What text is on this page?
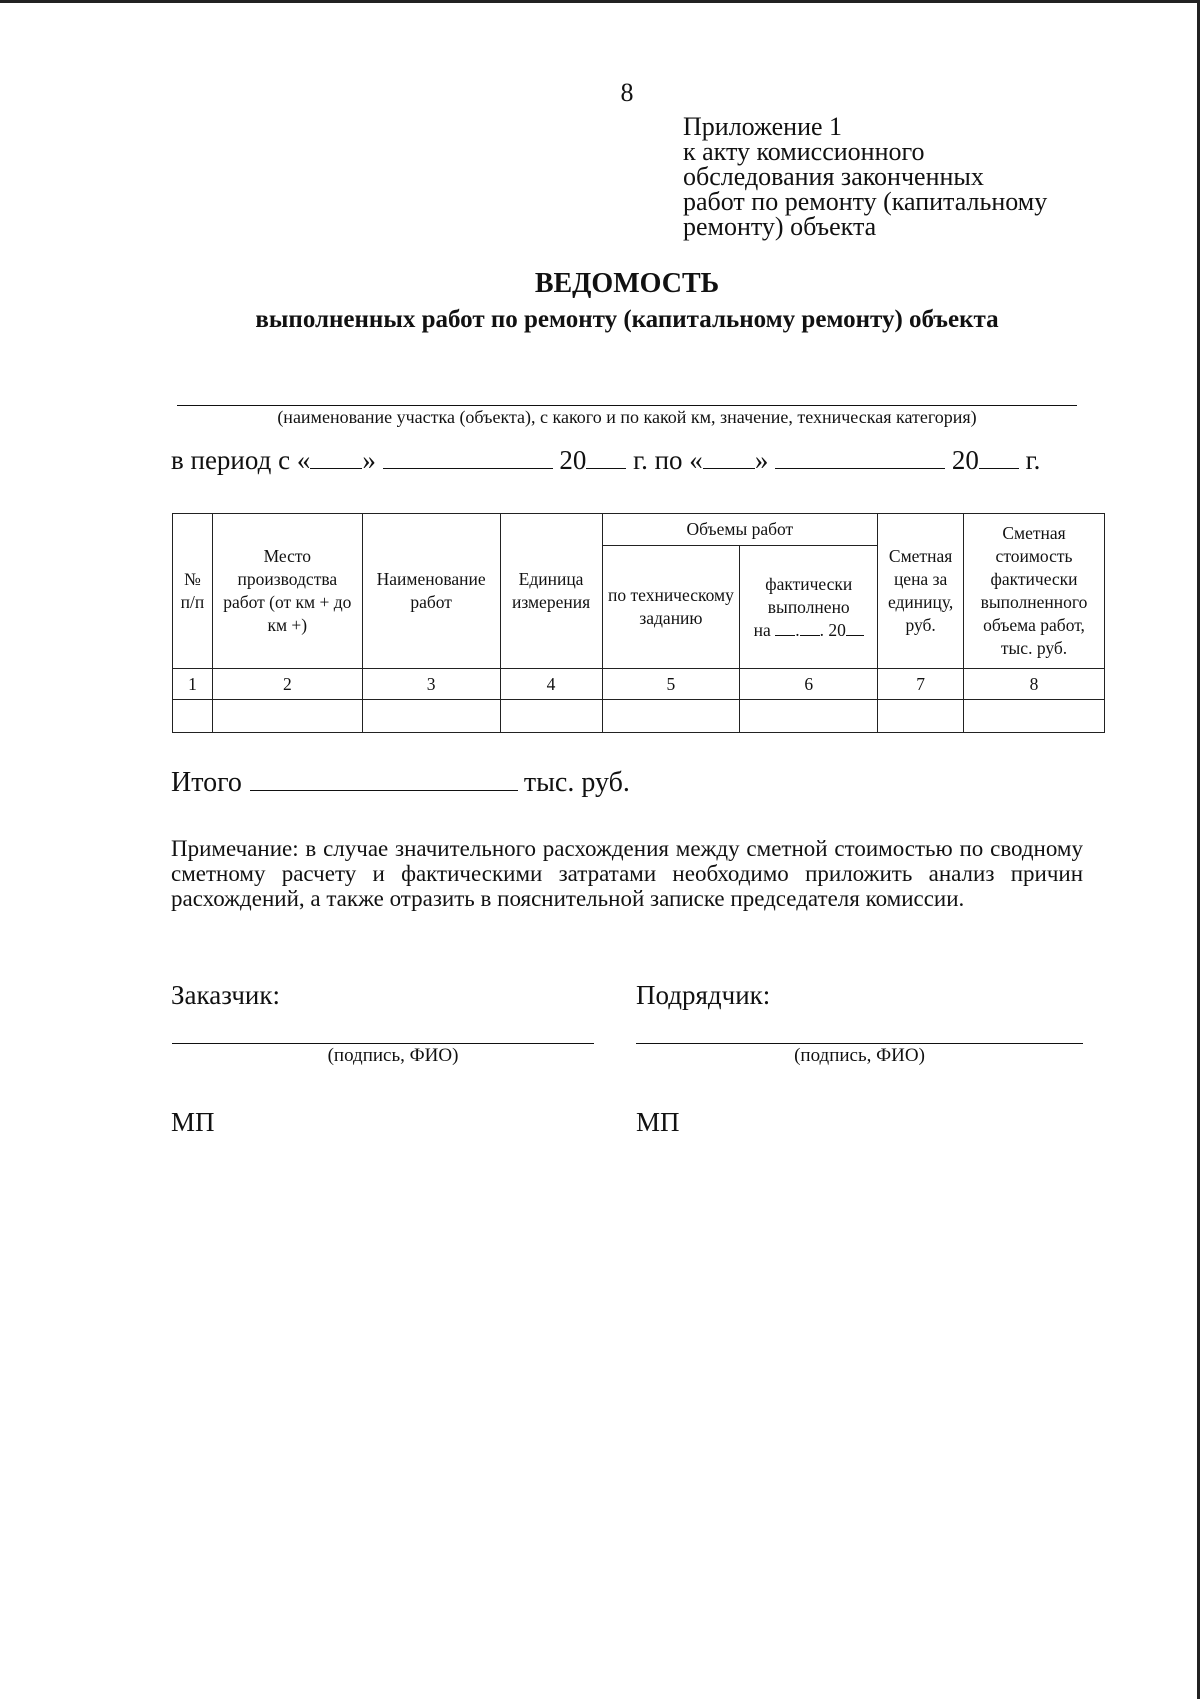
8
Приложение 1
к акту комиссионного
обследования законченных
работ по ремонту (капитальному
ремонту) объекта
ВЕДОМОСТЬ
выполненных работ по ремонту (капитальному ремонту) объекта
(наименование участка (объекта), с какого и по какой км, значение, техническая категория)
в период с « »	20 г. по « »	20 г.
№ п/п	Место производства работ (от км + до км +)	Наименование работ	Единица измерения	Объемы работ		Сметная цена за единицу, руб.	Сметная стоимость фактически выполненного объема работ, тыс. руб.
				по техническому заданию	фактически выполнено
на . . 20		

1	2	3	4	5	6	7	8

Итого	тыс. руб.
Примечание: в случае значительного расхождения между сметной стоимостью по сводному сметному расчету и фактическими затратами необходимо приложить анализ причин расхождений, а также отразить в пояснительной записке председателя комиссии.
Заказчик:	Подрядчик:
(подпись, ФИО)	(подпись, ФИО)
МП	МП
